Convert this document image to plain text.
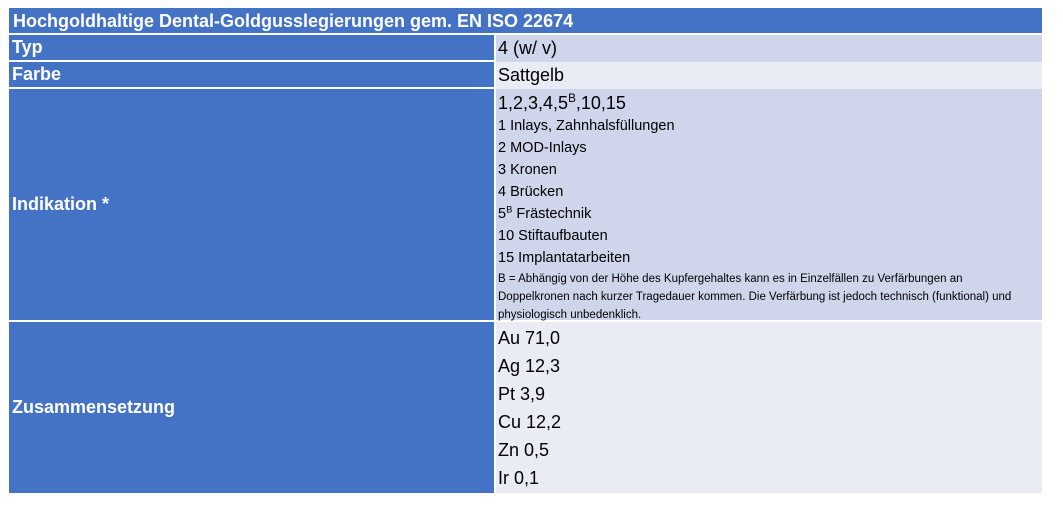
Hochgoldhaltige Dental-Goldgusslegierungen gem. EN ISO 22674
Typ	4 (w/ v)
Farbe	Sattgelb
Indikation *
$1,2,3,4,5^B,10,15$
1 Inlays, Zahnhalsfüllungen
2 MOD-Inlays
3 Kronen
4 Brücken
$5^B$ Frästechnik
10 Stiftaufbauten
15 Implantatarbeiten
B = Abhängig von der Höhe des Kupfergehaltes kann es in Einzelfällen zu Verfärbungen an Doppelkronen nach kurzer Tragedauer kommen. Die Verfärbung ist jedoch technisch (funktional) und physiologisch unbedenklich.
Zusammensetzung
Au 71,0
Ag 12,3
Pt 3,9
Cu 12,2
Zn 0,5
Ir 0,1
